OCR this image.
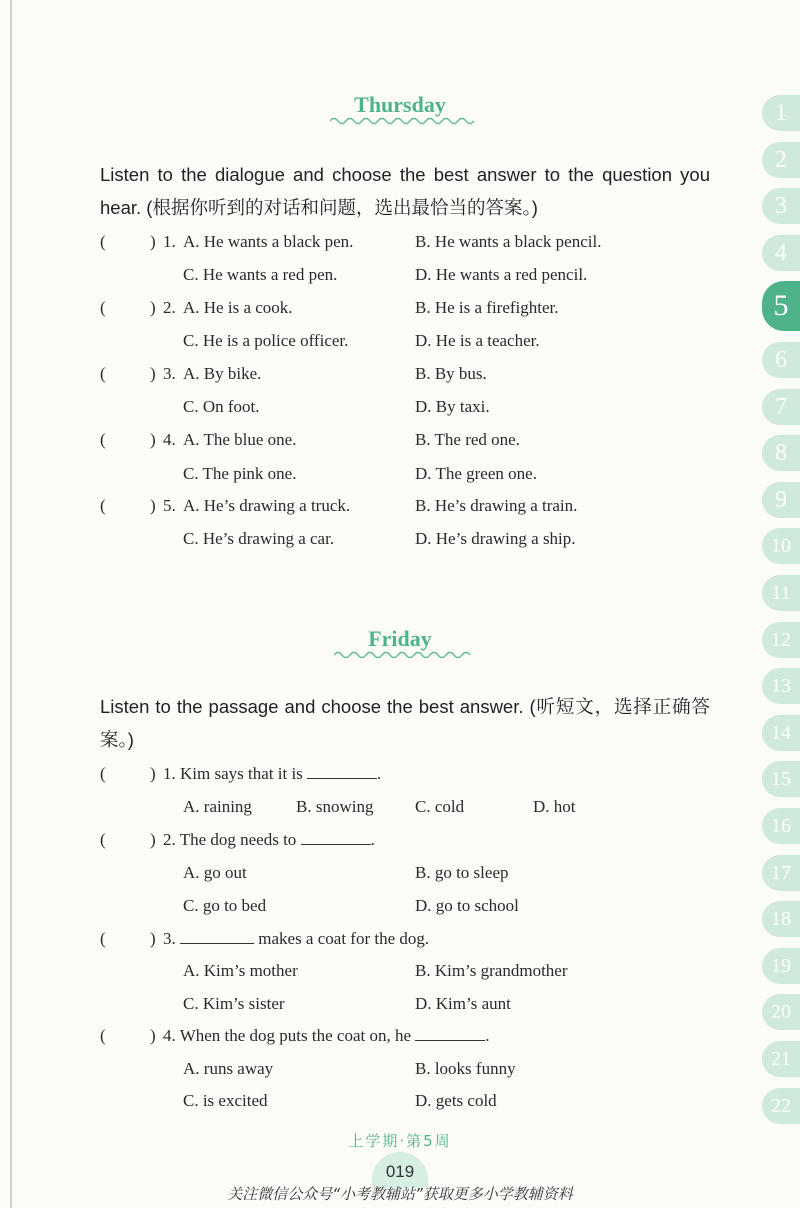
Thursday
Listen to the dialogue and choose the best answer to the question you hear. (根据你听到的对话和问题，选出最恰当的答案。)
(	) 1. A. He wants a black pen.	B. He wants a black pencil.
C. He wants a red pen.	D. He wants a red pencil.
(	) 2. A. He is a cook.	B. He is a firefighter.
C. He is a police officer.	D. He is a teacher.
(	) 3. A. By bike.	B. By bus.
C. On foot.	D. By taxi.
(	) 4. A. The blue one.	B. The red one.
C. The pink one.	D. The green one.
(	) 5. A. He’s drawing a truck.	B. He’s drawing a train.
C. He’s drawing a car.	D. He’s drawing a ship.
Friday
Listen to the passage and choose the best answer. (听短文，选择正确答案。)
(	) 1. Kim says that it is	.
A. raining	B. snowing C. cold	D. hot
(	) 2. The dog needs to	.
A. go out	B. go to sleep
C. go to bed	D. go to school
(	) 3.	makes a coat for the dog.
A. Kim’s mother	B. Kim’s grandmother
C. Kim’s sister	D. Kim’s aunt
(	) 4. When the dog puts the coat on, he	.
A. runs away	B. looks funny
C. is excited	D. gets cold
1
2
3
4
5
6
7
8
9
10
11
12
13
14
15
16
17
18
19
20
21
22
上学期·第5周
019
关注微信公众号“小考教辅站”获取更多小学教辅资料
